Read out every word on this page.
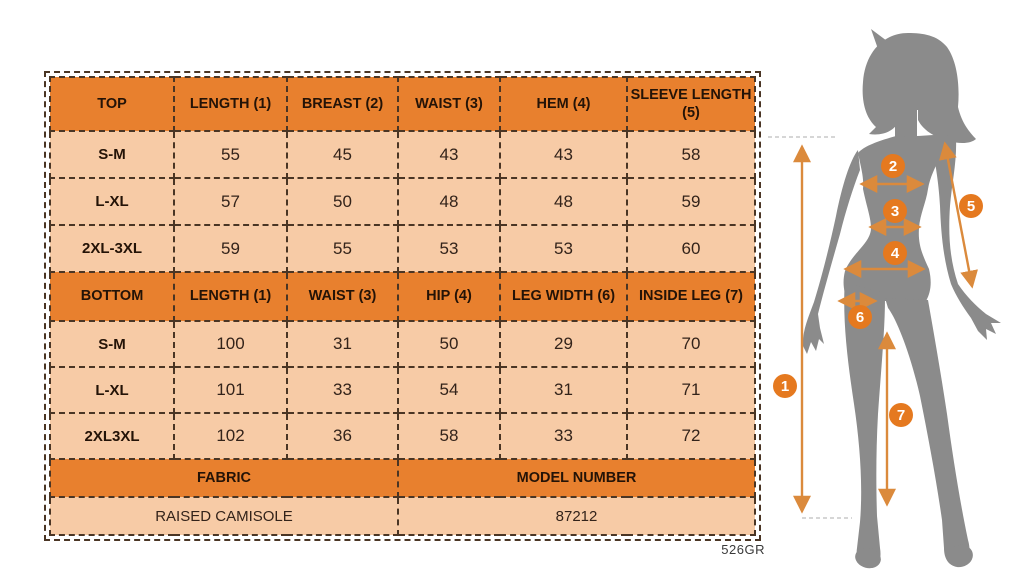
TOP	LENGTH (1)	BREAST (2)	WAIST (3)	HEM (4)	SLEEVE LENGTH (5)
S-M	55	45	43	43	58
L-XL	57	50	48	48	59
2XL-3XL	59	55	53	53	60
BOTTOM	LENGTH (1)	WAIST (3)	HIP (4)	LEG WIDTH (6)	INSIDE LEG (7)
S-M	100	31	50	29	70
L-XL	101	33	54	31	71
2XL3XL	102	36	58	33	72
FABRIC			MODEL NUMBER		
RAISED CAMISOLE			87212		
526GR
1
2
3
4
5
6
7
